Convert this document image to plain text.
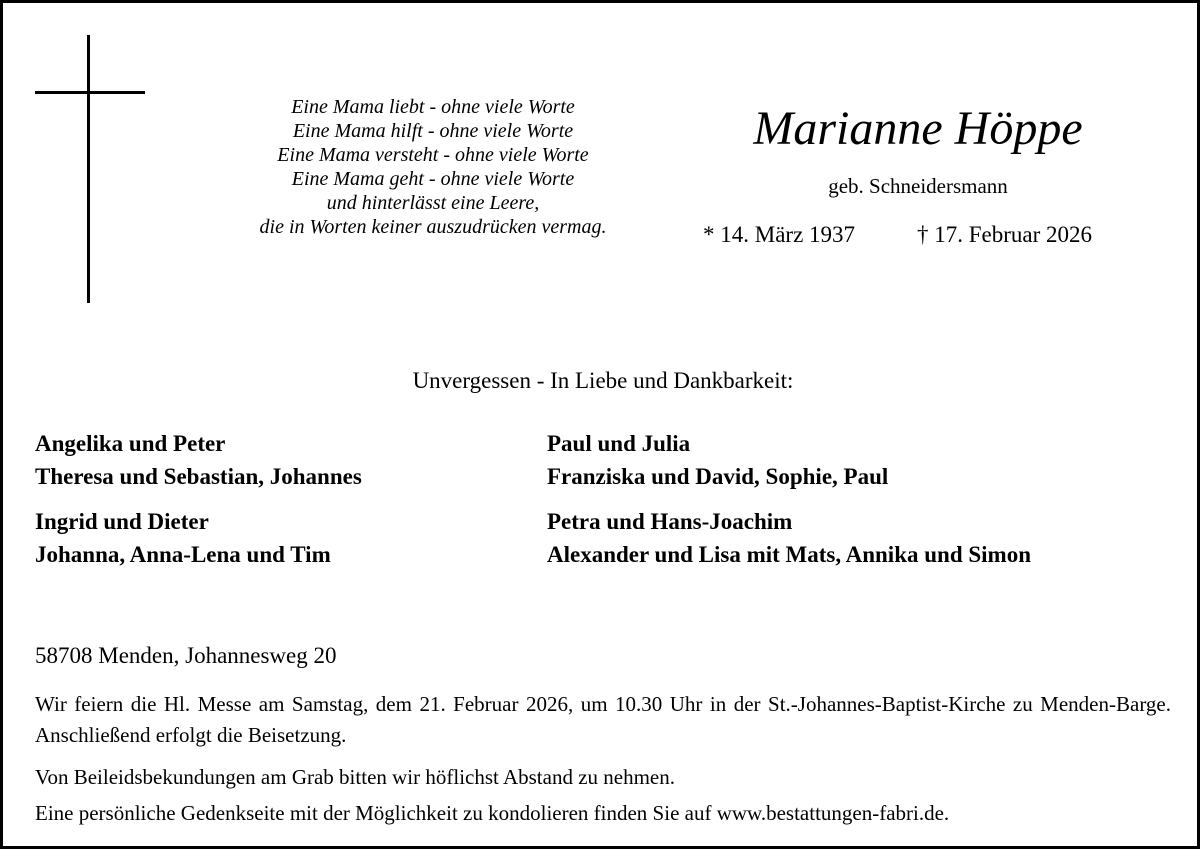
Eine Mama liebt - ohne viele Worte
Eine Mama hilft - ohne viele Worte
Eine Mama versteht - ohne viele Worte
Eine Mama geht - ohne viele Worte
und hinterlässt eine Leere,
die in Worten keiner auszudrücken vermag.
Marianne Höppe
geb. Schneidersmann
* 14. März 1937	† 17. Februar 2026
Unvergessen - In Liebe und Dankbarkeit:
Angelika und Peter
Theresa und Sebastian, Johannes
Ingrid und Dieter
Johanna, Anna-Lena und Tim
Paul und Julia
Franziska und David, Sophie, Paul
Petra und Hans-Joachim
Alexander und Lisa mit Mats, Annika und Simon
58708 Menden, Johannesweg 20
Wir feiern die Hl. Messe am Samstag, dem 21. Februar 2026, um 10.30 Uhr in der St.-Johannes-Baptist-Kirche zu Menden-Barge. Anschließend erfolgt die Beisetzung.
Von Beileidsbekundungen am Grab bitten wir höflichst Abstand zu nehmen.
Eine persönliche Gedenkseite mit der Möglichkeit zu kondolieren finden Sie auf www.bestattungen-fabri.de.
